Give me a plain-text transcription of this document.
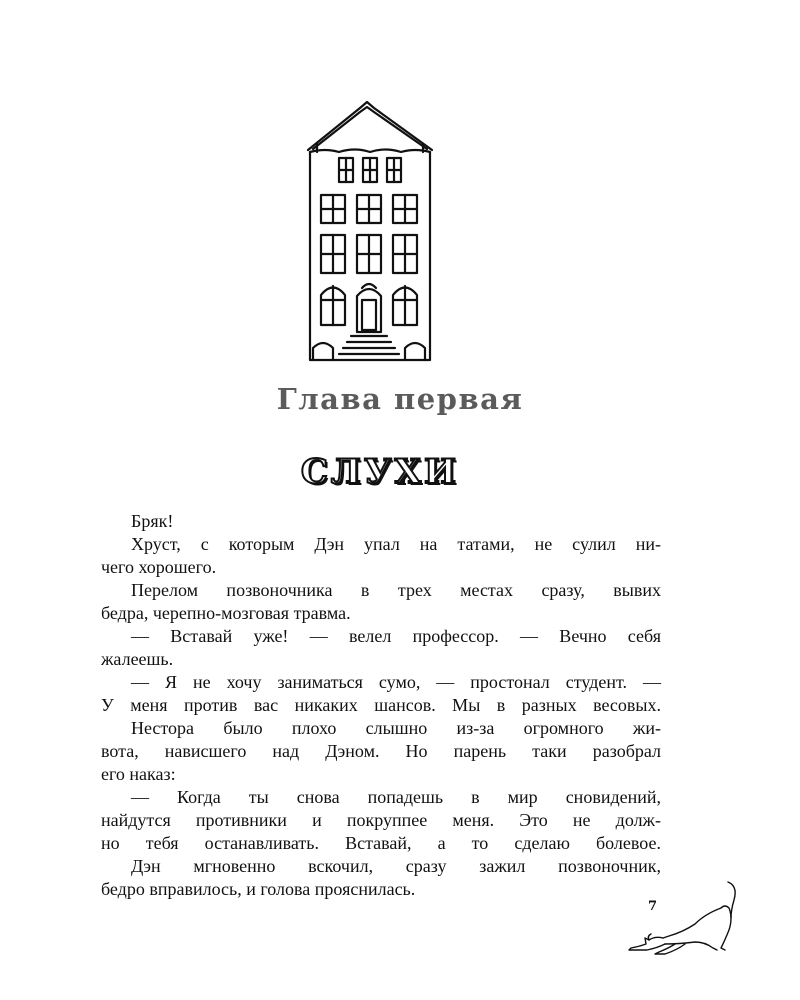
Глава первая
СЛУХИ
Бряк!
Хруст, с которым Дэн упал на татами, не сулил ни-
чего хорошего.
Перелом позвоночника в трех местах сразу, вывих
бедра, черепно-мозговая травма.
— Вставай уже! — велел профессор. — Вечно себя
жалеешь.
— Я не хочу заниматься сумо, — простонал студент. —
У меня против вас никаких шансов. Мы в разных весовых.
Нестора было плохо слышно из-за огромного жи-
вота, нависшего над Дэном. Но парень таки разобрал
его наказ:
— Когда ты снова попадешь в мир сновидений,
найдутся противники и покруппее меня. Это не долж-
но тебя останавливать. Вставай, а то сделаю болевое.
Дэн мгновенно вскочил, сразу зажил позвоночник,
бедро вправилось, и голова прояснилась.
7
